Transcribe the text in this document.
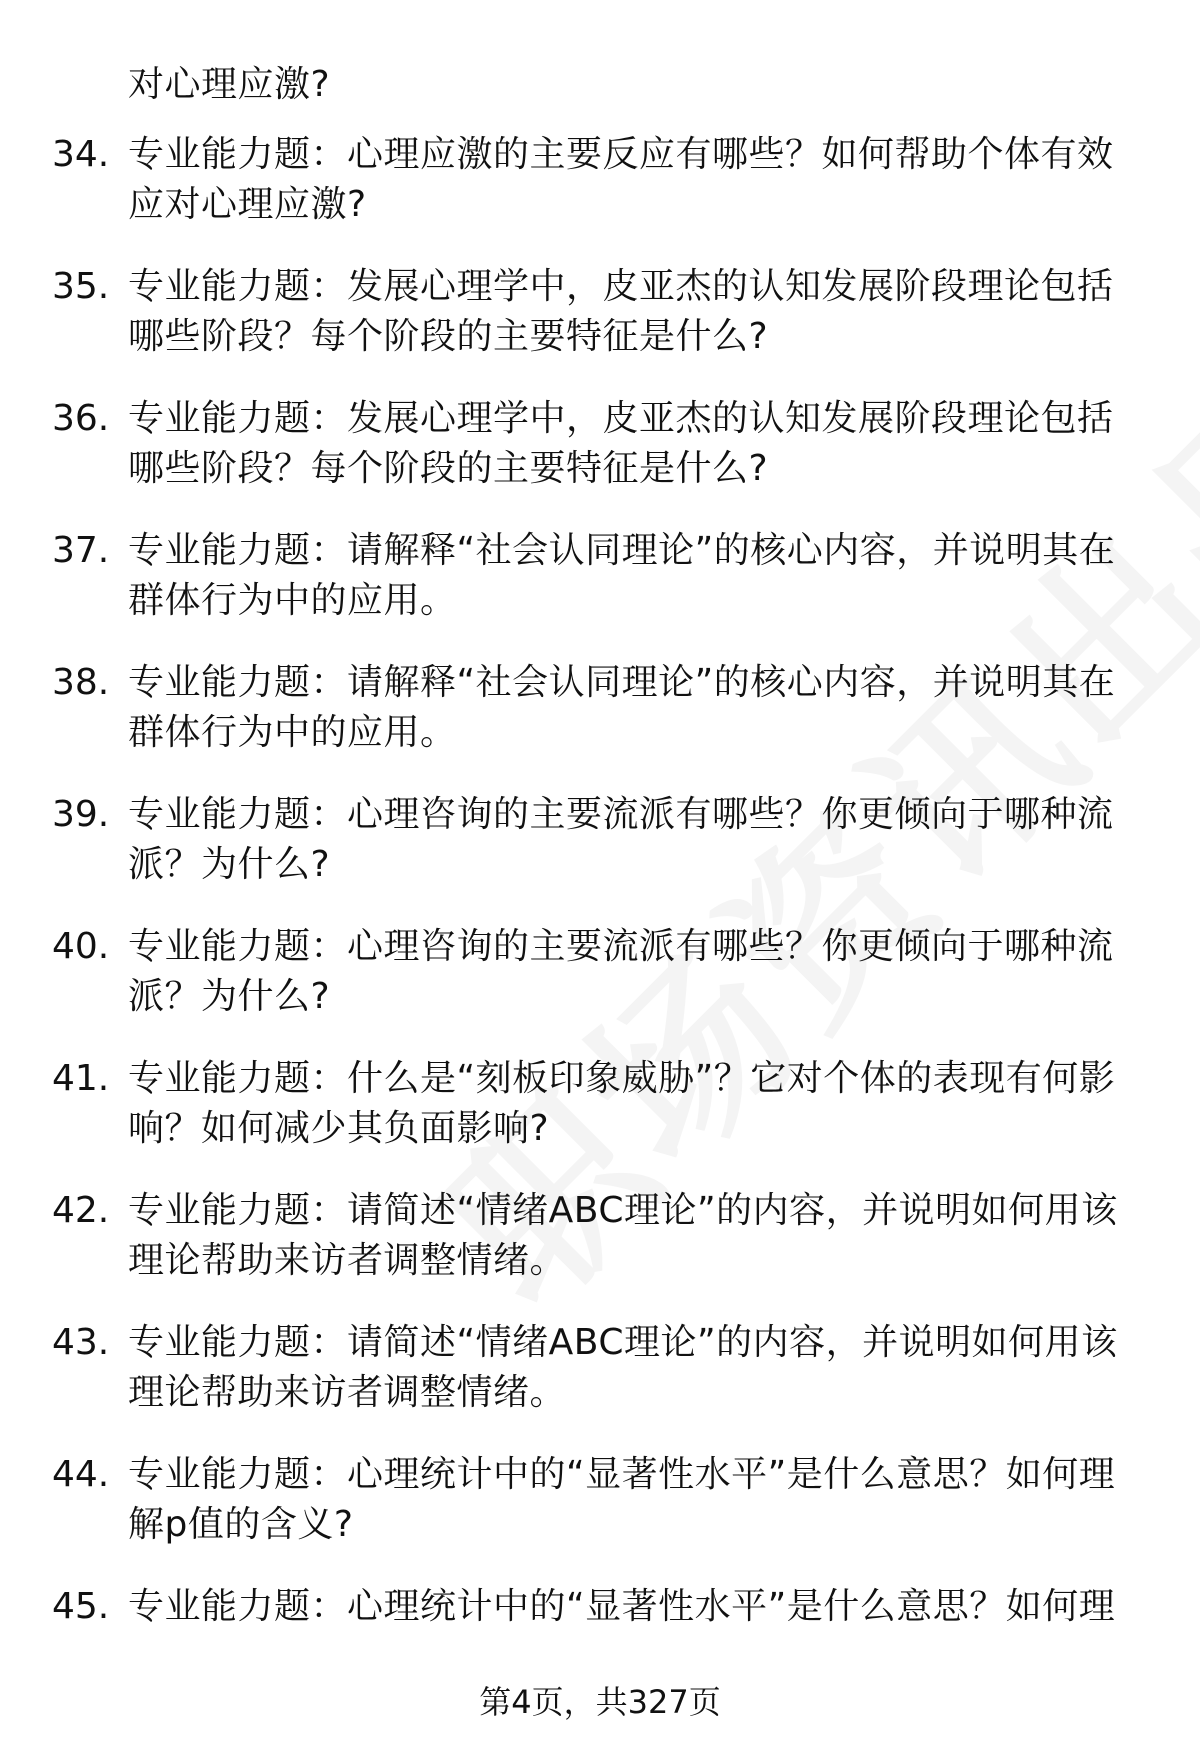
对心理应激?
34. 专业能力题：心理应激的主要反应有哪些？如何帮助个体有效应对心理应激?
35. 专业能力题：发展心理学中，皮亚杰的认知发展阶段理论包括哪些阶段？每个阶段的主要特征是什么?
36. 专业能力题：发展心理学中，皮亚杰的认知发展阶段理论包括哪些阶段？每个阶段的主要特征是什么?
37. 专业能力题：请解释“社会认同理论”的核心内容，并说明其在群体行为中的应用。
38. 专业能力题：请解释“社会认同理论”的核心内容，并说明其在群体行为中的应用。
39. 专业能力题：心理咨询的主要流派有哪些？你更倾向于哪种流派？为什么?
40. 专业能力题：心理咨询的主要流派有哪些？你更倾向于哪种流派？为什么?
41. 专业能力题：什么是“刻板印象威胁”？它对个体的表现有何影响？如何减少其负面影响?
42. 专业能力题：请简述“情绪ABC理论”的内容，并说明如何用该理论帮助来访者调整情绪。
43. 专业能力题：请简述“情绪ABC理论”的内容，并说明如何用该理论帮助来访者调整情绪。
44. 专业能力题：心理统计中的“显著性水平”是什么意思？如何理解p值的含义?
45. 专业能力题：心理统计中的“显著性水平”是什么意思？如何理
第4页，共327页
